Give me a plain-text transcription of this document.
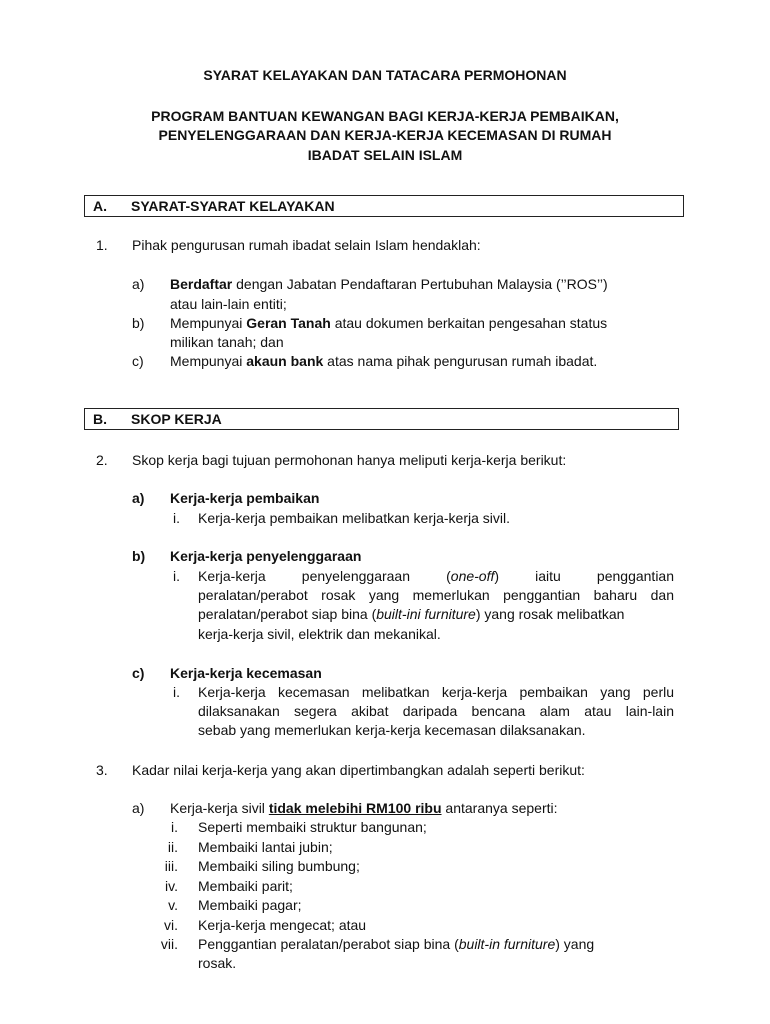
SYARAT KELAYAKAN DAN TATACARA PERMOHONAN
PROGRAM BANTUAN KEWANGAN BAGI KERJA-KERJA PEMBAIKAN,
PENYELENGGARAAN DAN KERJA-KERJA KECEMASAN DI RUMAH
IBADAT SELAIN ISLAM
A. SYARAT-SYARAT KELAYAKAN
1. Pihak pengurusan rumah ibadat selain Islam hendaklah:
a) Berdaftar dengan Jabatan Pendaftaran Pertubuhan Malaysia (’’ROS’’)
atau lain-lain entiti;
b) Mempunyai Geran Tanah atau dokumen berkaitan pengesahan status
milikan tanah; dan
c) Mempunyai akaun bank atas nama pihak pengurusan rumah ibadat.
B. SKOP KERJA
2. Skop kerja bagi tujuan permohonan hanya meliputi kerja-kerja berikut:
a) Kerja-kerja pembaikan
i. Kerja-kerja pembaikan melibatkan kerja-kerja sivil.
b) Kerja-kerja penyelenggaraan
i. Kerja-kerja	penyelenggaraan	(one-off)	iaitu	penggantian
peralatan/perabot rosak yang memerlukan penggantian baharu dan
peralatan/perabot siap bina (built-ini furniture) yang rosak melibatkan
kerja-kerja sivil, elektrik dan mekanikal.
c) Kerja-kerja kecemasan
i. Kerja-kerja kecemasan melibatkan kerja-kerja pembaikan yang perlu
dilaksanakan segera akibat daripada bencana alam atau lain-lain
sebab yang memerlukan kerja-kerja kecemasan dilaksanakan.
3. Kadar nilai kerja-kerja yang akan dipertimbangkan adalah seperti berikut:
a) Kerja-kerja sivil tidak melebihi RM100 ribu antaranya seperti:
i. Seperti membaiki struktur bangunan;
ii. Membaiki lantai jubin;
iii. Membaiki siling bumbung;
iv. Membaiki parit;
v. Membaiki pagar;
vi. Kerja-kerja mengecat; atau
vii. Penggantian peralatan/perabot siap bina (built-in furniture) yang
rosak.
